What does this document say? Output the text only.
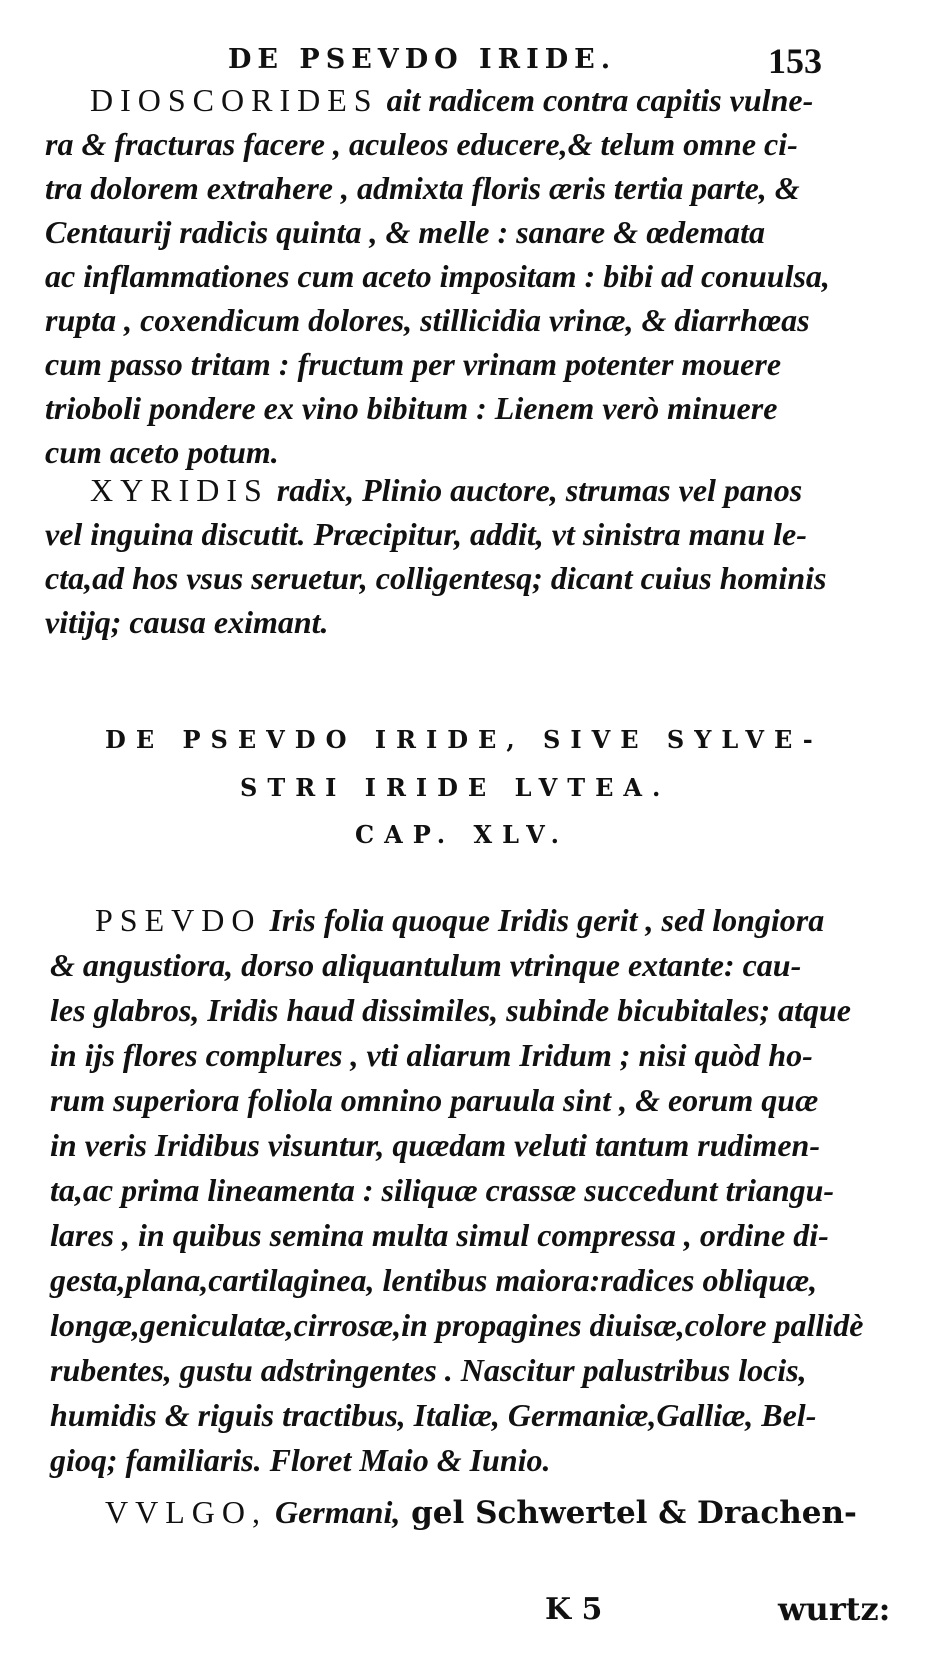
DE PSEVDO IRIDE.	153
DIOSCORIDES ait radicem contra capitis vulne-
ra & fracturas facere , aculeos educere,& telum omne ci-
tra dolorem extrahere , admixta floris æris tertia parte, &
Centaurij radicis quinta , & melle : sanare & œdemata
ac inflammationes cum aceto impositam : bibi ad conuulsa,
rupta , coxendicum dolores, stillicidia vrinæ, & diarrhœas
cum passo tritam : fructum per vrinam potenter mouere
trioboli pondere ex vino bibitum : Lienem verò minuere
cum aceto potum.
XYRIDIS radix, Plinio auctore, strumas vel panos
vel inguina discutit. Præcipitur, addit, vt sinistra manu le-
cta,ad hos vsus seruetur, colligentesq; dicant cuius hominis
vitijq; causa eximant.
DE PSEVDO IRIDE, SIVE SYLVE-
STRI IRIDE LVTEA.
CAP. XLV.
PSEVDO Iris folia quoque Iridis gerit , sed longiora
& angustiora, dorso aliquantulum vtrinque extante: cau-
les glabros, Iridis haud dissimiles, subinde bicubitales; atque
in ijs flores complures , vti aliarum Iridum ; nisi quòd ho-
rum superiora foliola omnino paruula sint , & eorum quæ
in veris Iridibus visuntur, quædam veluti tantum rudimen-
ta,ac prima lineamenta : siliquæ crassæ succedunt triangu-
lares , in quibus semina multa simul compressa , ordine di-
gesta,plana,cartilaginea, lentibus maiora:radices obliquæ,
longæ,geniculatæ,cirrosæ,in propagines diuisæ,colore pallidè
rubentes, gustu adstringentes . Nascitur palustribus locis,
humidis & riguis tractibus, Italiæ, Germaniæ,Galliæ, Bel-
gioq; familiaris. Floret Maio & Iunio.
VVLGO, Germani, gel Schwertel & Drachen-
K 5	wurtz:
